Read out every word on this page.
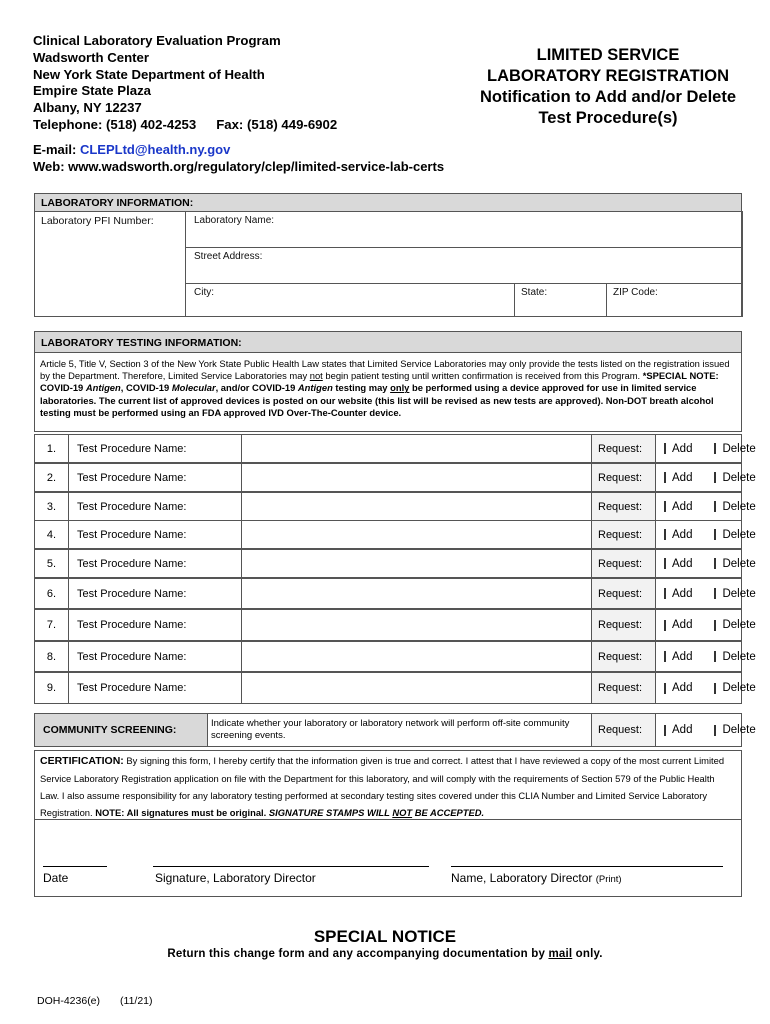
Clinical Laboratory Evaluation Program
Wadsworth Center
New York State Department of Health
Empire State Plaza
Albany, NY 12237
Telephone: (518) 402-4253 Fax: (518) 449-6902
LIMITED SERVICE
LABORATORY REGISTRATION
Notification to Add and/or Delete
Test Procedure(s)
E-mail: CLEPLtd@health.ny.gov
Web: www.wadsworth.org/regulatory/clep/limited-service-lab-certs
LABORATORY INFORMATION:
Laboratory PFI Number:	Laboratory Name:
Street Address:
City:	State:	ZIP Code:
LABORATORY TESTING INFORMATION:
Article 5, Title V, Section 3 of the New York State Public Health Law states that Limited Service Laboratories may only provide the tests listed on the registration issued by the Department. Therefore, Limited Service Laboratories may not begin patient testing until written confirmation is received from this Program. *SPECIAL NOTE: COVID-19 Antigen, COVID-19 Molecular, and/or COVID-19 Antigen testing may only be performed using a device approved for use in limited service laboratories. The current list of approved devices is posted on our website (this list will be revised as new tests are approved). Non-DOT breath alcohol testing must be performed using an FDA approved IVD Over-The-Counter device.
1.	Test Procedure Name:	Request:	Add	Delete
2.	Test Procedure Name:	Request:	Add	Delete
3.	Test Procedure Name:	Request:	Add	Delete
4.	Test Procedure Name:	Request:	Add	Delete
5.	Test Procedure Name:	Request:	Add	Delete
6.	Test Procedure Name:	Request:	Add	Delete
7.	Test Procedure Name:	Request:	Add	Delete
8.	Test Procedure Name:	Request:	Add	Delete
9.	Test Procedure Name:	Request:	Add	Delete
COMMUNITY SCREENING:
Indicate whether your laboratory or laboratory network will perform off-site community screening events.	Request:	Add	Delete
CERTIFICATION: By signing this form, I hereby certify that the information given is true and correct. I attest that I have reviewed a copy of the most current Limited Service Laboratory Registration application on file with the Department for this laboratory, and will comply with the requirements of Section 579 of the Public Health Law. I also assume responsibility for any laboratory testing performed at secondary testing sites covered under this CLIA Number and Limited Service Laboratory Registration. NOTE: All signatures must be original. SIGNATURE STAMPS WILL NOT BE ACCEPTED.
Date	Signature, Laboratory Director	Name, Laboratory Director (Print)
SPECIAL NOTICE
Return this change form and any accompanying documentation by mail only.
DOH-4236(e) (11/21)
